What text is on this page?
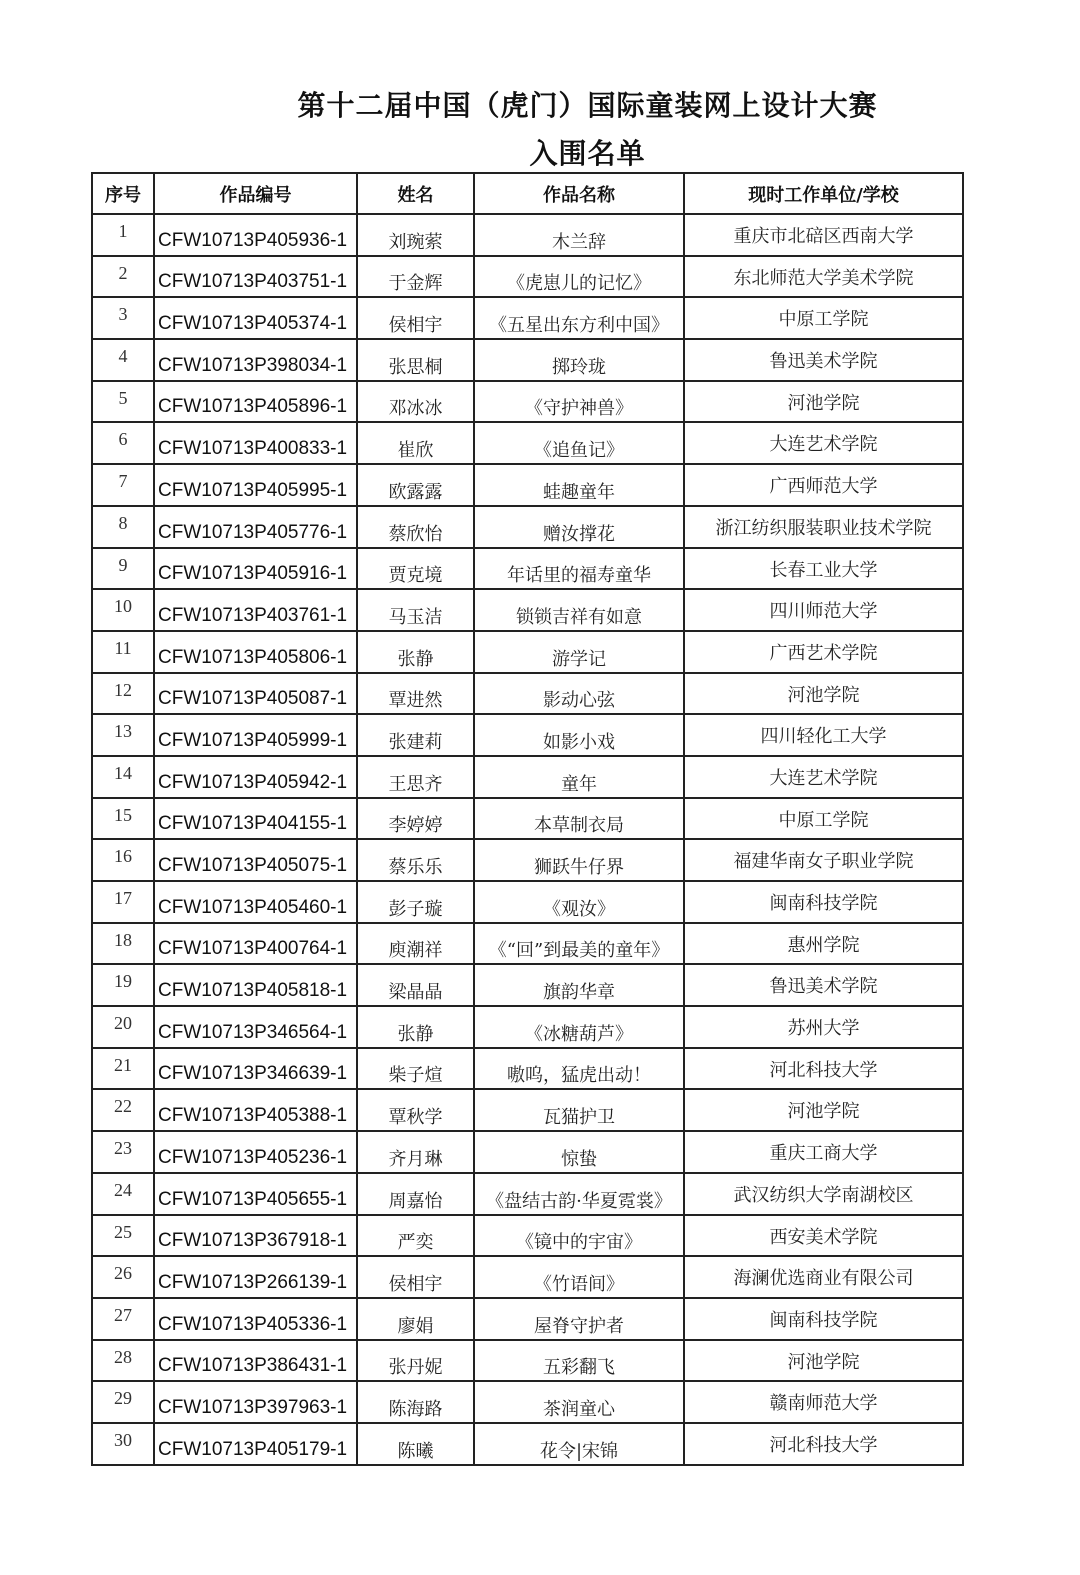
第十二届中国（虎门）国际童装网上设计大赛
入围名单
序号	作品编号	姓名	作品名称	现时工作单位/学校

1	CFW10713P405936-1	刘琬萦	木兰辞	重庆市北碚区西南大学

2	CFW10713P403751-1	于金辉	《虎崽儿的记忆》	东北师范大学美术学院

3	CFW10713P405374-1	侯相宇	《五星出东方利中国》	中原工学院

4	CFW10713P398034-1	张思桐	掷玲珑	鲁迅美术学院

5	CFW10713P405896-1	邓冰冰	《守护神兽》	河池学院

6	CFW10713P400833-1	崔欣	《追鱼记》	大连艺术学院

7	CFW10713P405995-1	欧露露	蛙趣童年	广西师范大学

8	CFW10713P405776-1	蔡欣怡	赠汝撑花	浙江纺织服装职业技术学院

9	CFW10713P405916-1	贾克境	年话里的福寿童华	长春工业大学

10	CFW10713P403761-1	马玉洁	锁锁吉祥有如意	四川师范大学

11	CFW10713P405806-1	张静	游学记	广西艺术学院

12	CFW10713P405087-1	覃进然	影动心弦	河池学院

13	CFW10713P405999-1	张建莉	如影小戏	四川轻化工大学

14	CFW10713P405942-1	王思齐	童年	大连艺术学院

15	CFW10713P404155-1	李婷婷	本草制衣局	中原工学院

16	CFW10713P405075-1	蔡乐乐	狮跃牛仔界	福建华南女子职业学院

17	CFW10713P405460-1	彭子璇	《观汝》	闽南科技学院

18	CFW10713P400764-1	庾潮祥	《“回”到最美的童年》	惠州学院

19	CFW10713P405818-1	梁晶晶	旗韵华章	鲁迅美术学院

20	CFW10713P346564-1	张静	《冰糖葫芦》	苏州大学

21	CFW10713P346639-1	柴子煊	嗷呜，猛虎出动！	河北科技大学

22	CFW10713P405388-1	覃秋学	瓦猫护卫	河池学院

23	CFW10713P405236-1	齐月琳	惊蛰	重庆工商大学

24	CFW10713P405655-1	周嘉怡	《盘结古韵·华夏霓裳》	武汉纺织大学南湖校区

25	CFW10713P367918-1	严奕	《镜中的宇宙》	西安美术学院

26	CFW10713P266139-1	侯相宇	《竹语间》	海澜优选商业有限公司

27	CFW10713P405336-1	廖娟	屋脊守护者	闽南科技学院

28	CFW10713P386431-1	张丹妮	五彩翻飞	河池学院

29	CFW10713P397963-1	陈海路	茶润童心	赣南师范大学

30	CFW10713P405179-1	陈曦	花令|宋锦	河北科技大学
